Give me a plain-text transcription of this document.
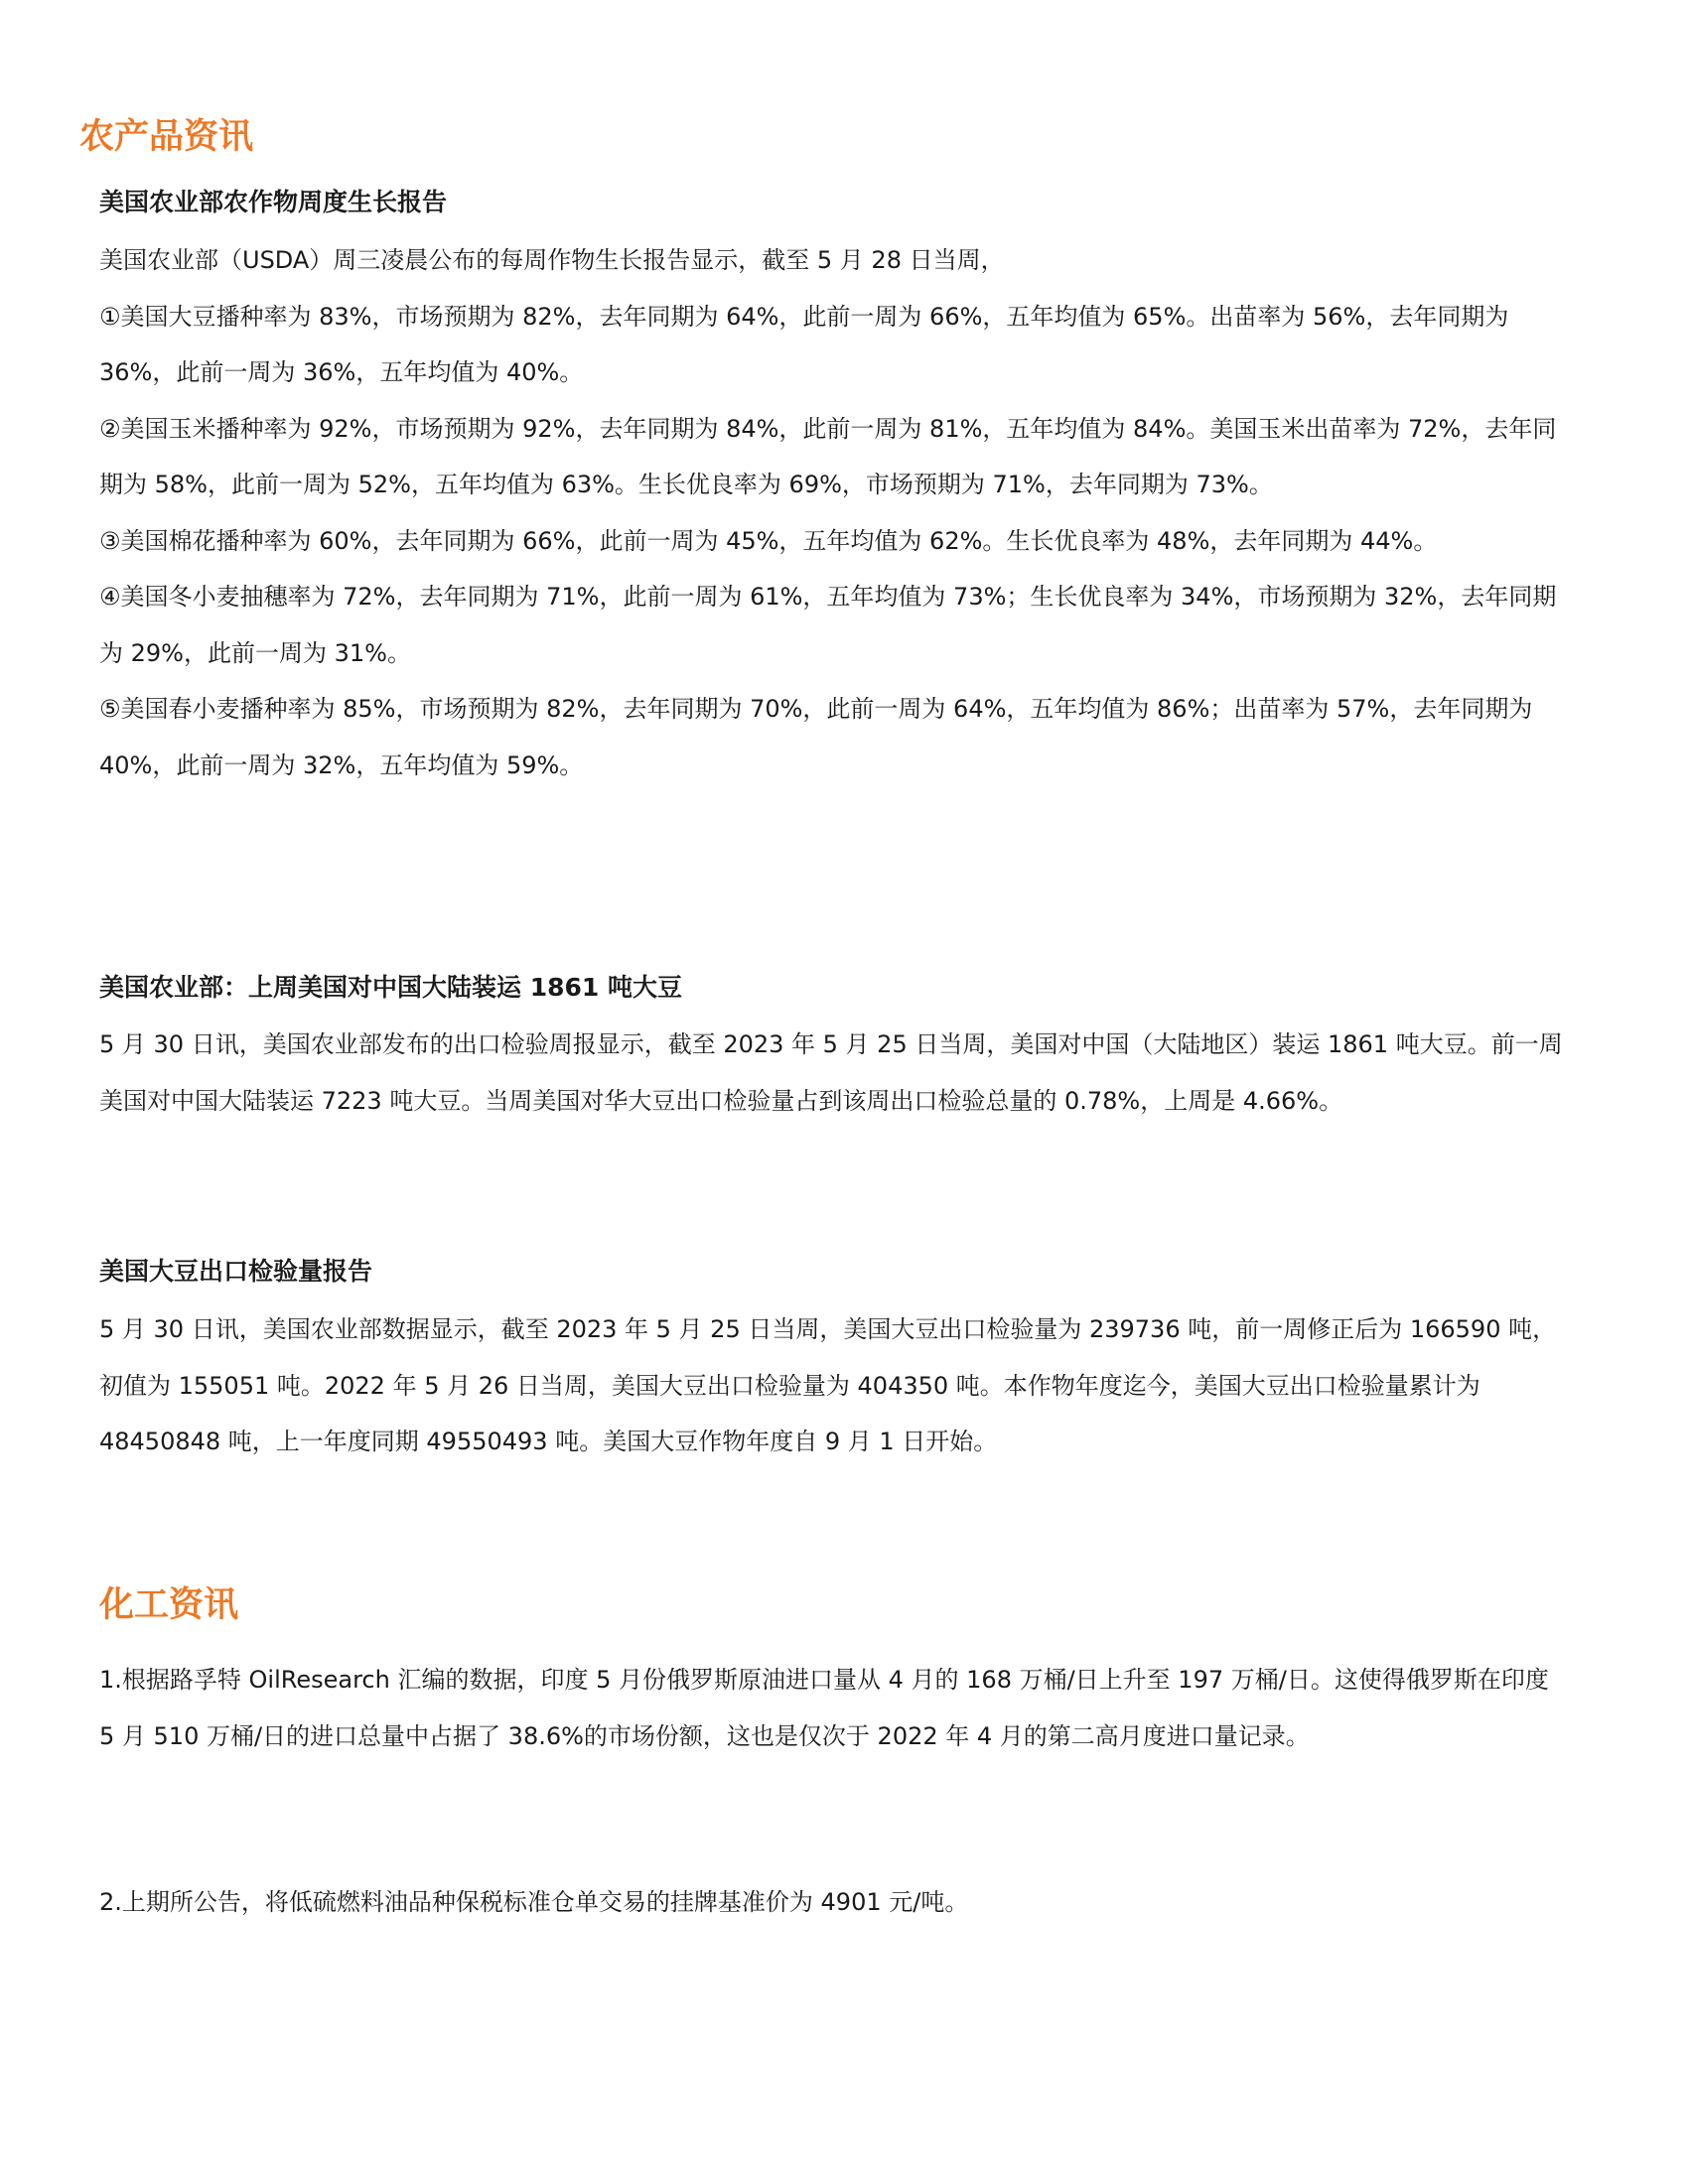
农产品资讯
美国农业部农作物周度生长报告

美国农业部（USDA）周三凌晨公布的每周作物生长报告显示，截至 5 月 28 日当周，

①美国大豆播种率为 83%，市场预期为 82%，去年同期为 64%，此前一周为 66%，五年均值为 65%。出苗率为 56%，去年同期为 36%，此前一周为 36%，五年均值为 40%。

②美国玉米播种率为 92%，市场预期为 92%，去年同期为 84%，此前一周为 81%，五年均值为 84%。美国玉米出苗率为 72%，去年同期为 58%，此前一周为 52%，五年均值为 63%。生长优良率为 69%，市场预期为 71%，去年同期为 73%。

③美国棉花播种率为 60%，去年同期为 66%，此前一周为 45%，五年均值为 62%。生长优良率为 48%，去年同期为 44%。

④美国冬小麦抽穗率为 72%，去年同期为 71%，此前一周为 61%，五年均值为 73%；生长优良率为 34%，市场预期为 32%，去年同期为 29%，此前一周为 31%。

⑤美国春小麦播种率为 85%，市场预期为 82%，去年同期为 70%，此前一周为 64%，五年均值为 86%；出苗率为 57%，去年同期为 40%，此前一周为 32%，五年均值为 59%。

美国农业部：上周美国对中国大陆装运 1861 吨大豆

5 月 30 日讯，美国农业部发布的出口检验周报显示，截至 2023 年 5 月 25 日当周，美国对中国（大陆地区）装运 1861 吨大豆。前一周美国对中国大陆装运 7223 吨大豆。当周美国对华大豆出口检验量占到该周出口检验总量的 0.78%，上周是 4.66%。

美国大豆出口检验量报告

5 月 30 日讯，美国农业部数据显示，截至 2023 年 5 月 25 日当周，美国大豆出口检验量为 239736 吨，前一周修正后为 166590 吨，初值为 155051 吨。2022 年 5 月 26 日当周，美国大豆出口检验量为 404350 吨。本作物年度迄今，美国大豆出口检验量累计为 48450848 吨，上一年度同期 49550493 吨。美国大豆作物年度自 9 月 1 日开始。

化工资讯

1.根据路孚特 OilResearch 汇编的数据，印度 5 月份俄罗斯原油进口量从 4 月的 168 万桶/日上升至 197 万桶/日。这使得俄罗斯在印度 5 月 510 万桶/日的进口总量中占据了 38.6%的市场份额，这也是仅次于 2022 年 4 月的第二高月度进口量记录。

2.上期所公告，将低硫燃料油品种保税标准仓单交易的挂牌基准价为 4901 元/吨。
